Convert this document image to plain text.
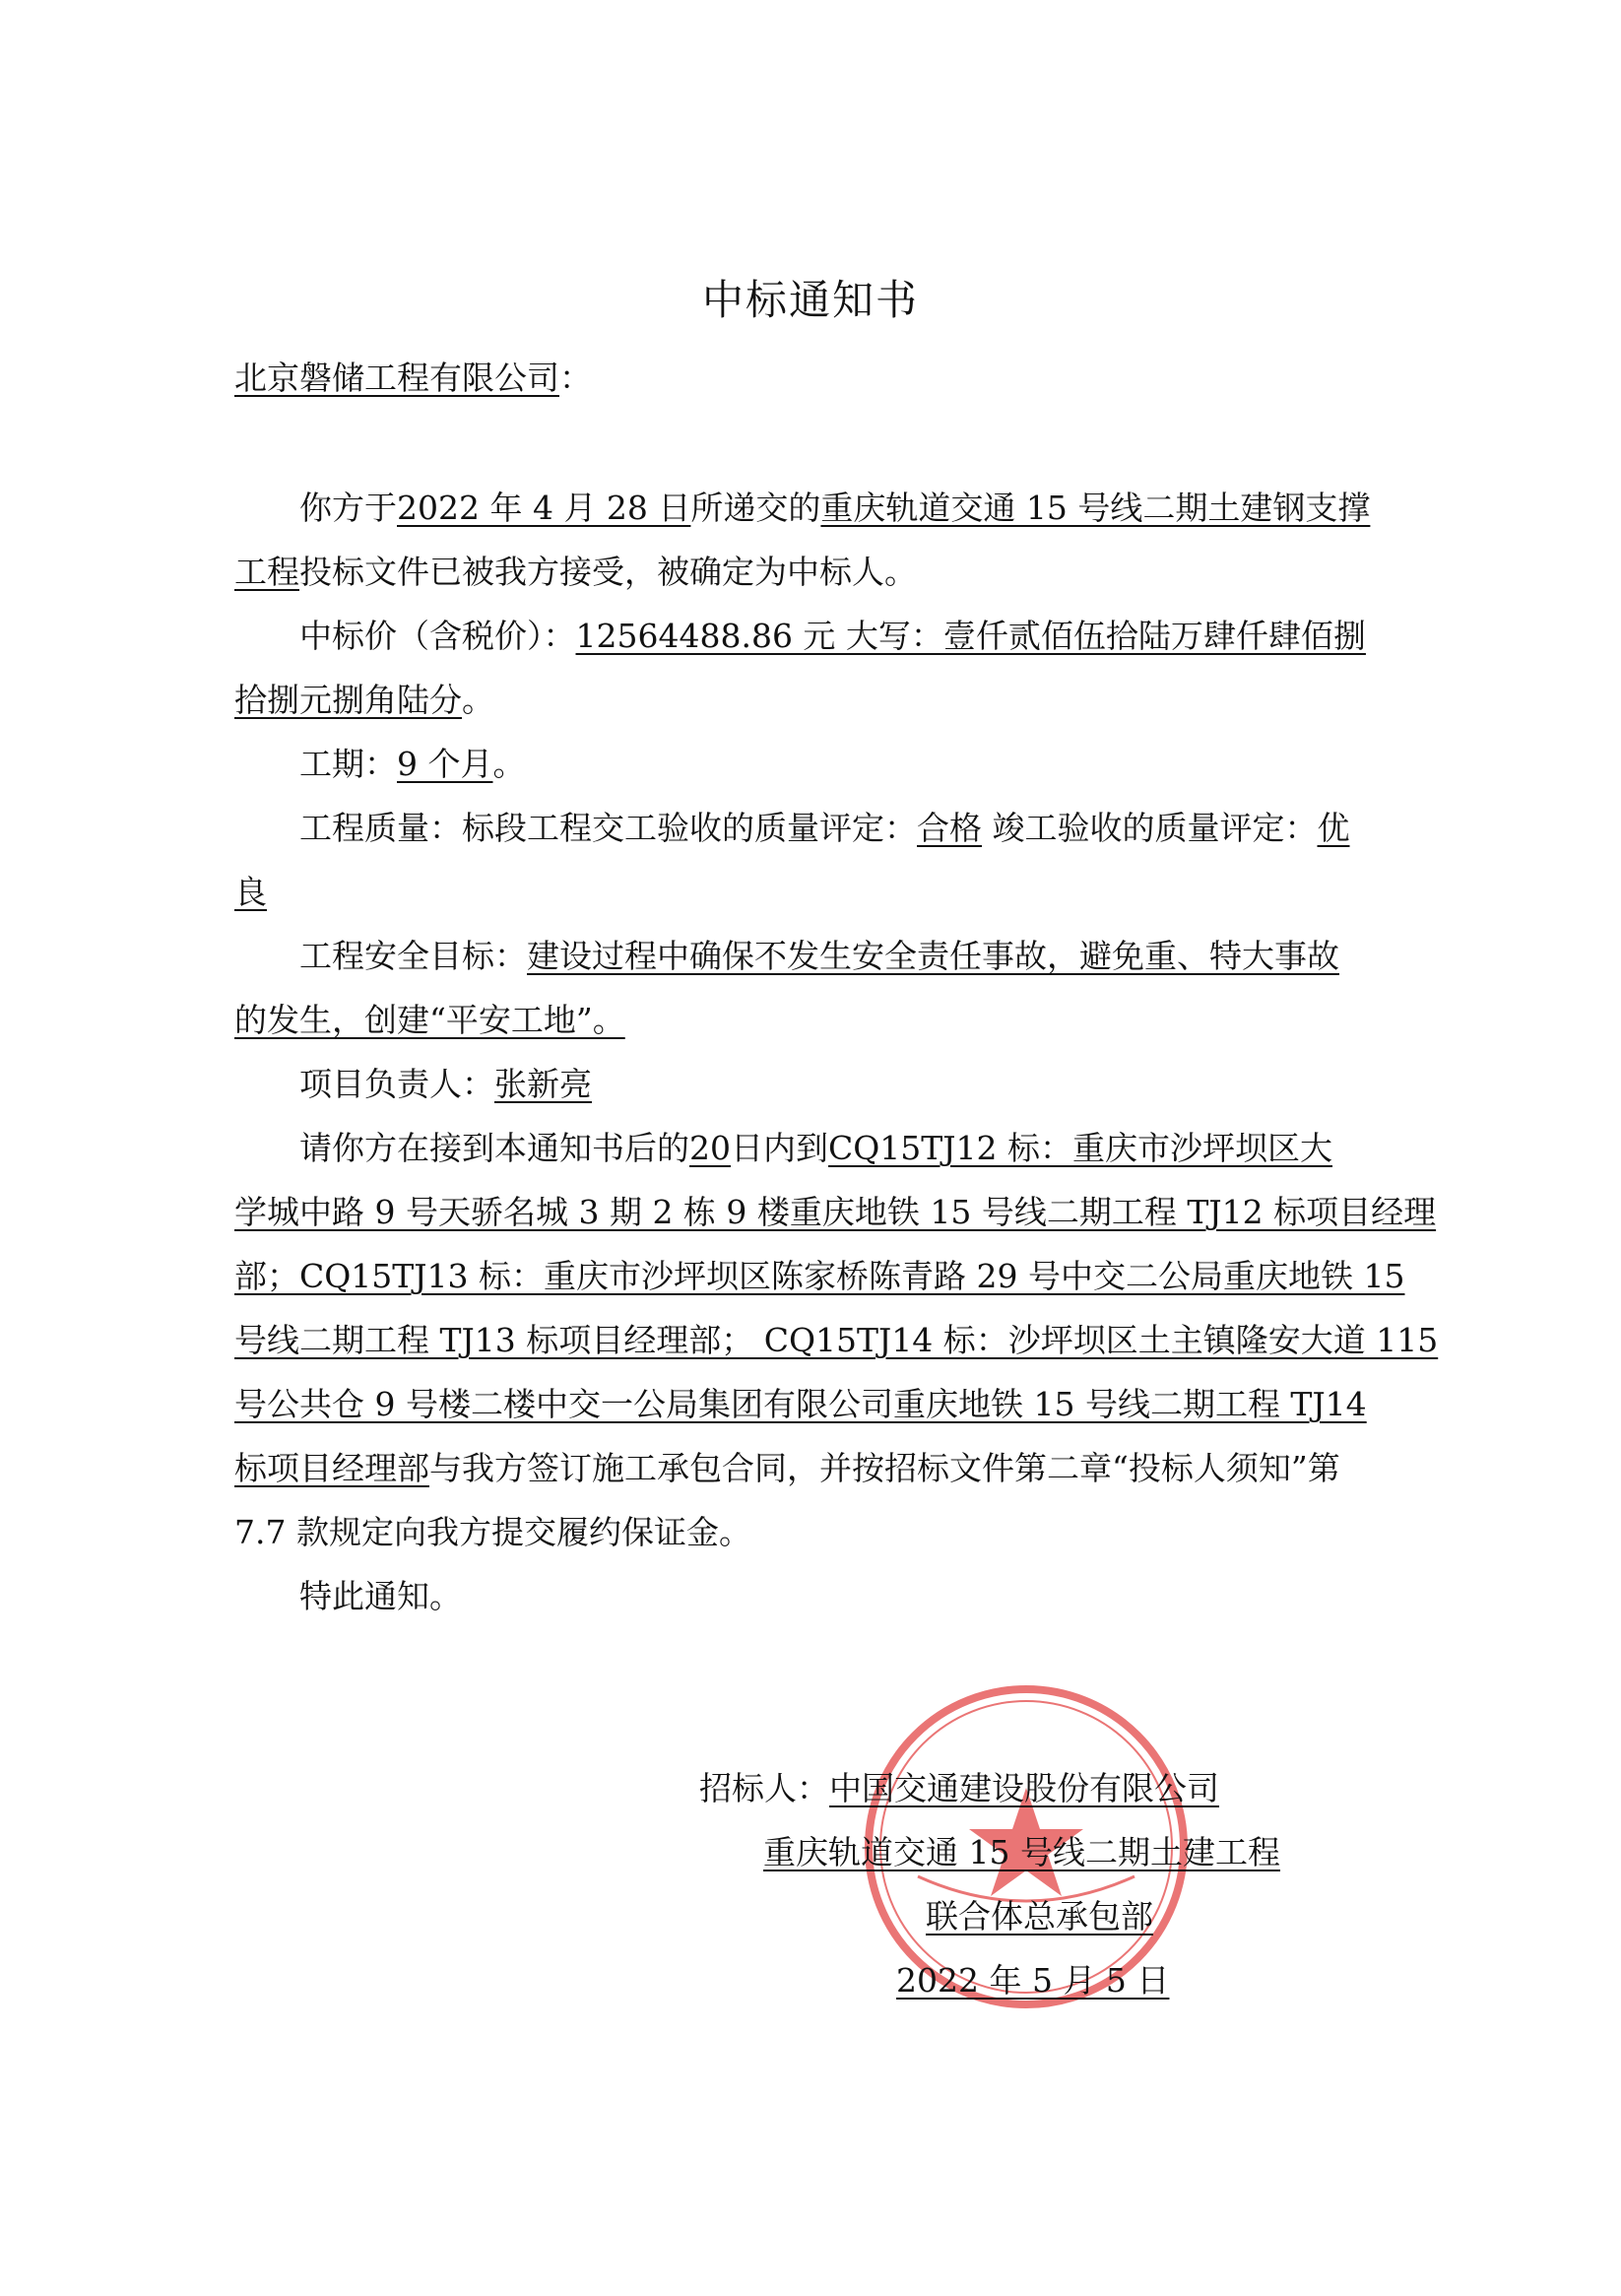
中标通知书
北京磐储工程有限公司：
你方于2022 年 4 月 28 日所递交的重庆轨道交通 15 号线二期土建钢支撑
工程投标文件已被我方接受，被确定为中标人。
中标价（含税价）：12564488.86 元 大写：壹仟贰佰伍拾陆万肆仟肆佰捌
拾捌元捌角陆分。
工期：9 个月。
工程质量：标段工程交工验收的质量评定：合格 竣工验收的质量评定：优
良
工程安全目标：建设过程中确保不发生安全责任事故，避免重、特大事故
的发生，创建“平安工地”。
项目负责人：张新亮
请你方在接到本通知书后的20日内到CQ15TJ12 标：重庆市沙坪坝区大
学城中路 9 号天骄名城 3 期 2 栋 9 楼重庆地铁 15 号线二期工程 TJ12 标项目经理
部；CQ15TJ13 标：重庆市沙坪坝区陈家桥陈青路 29 号中交二公局重庆地铁 15
号线二期工程 TJ13 标项目经理部； CQ15TJ14 标：沙坪坝区土主镇隆安大道 115
号公共仓 9 号楼二楼中交一公局集团有限公司重庆地铁 15 号线二期工程 TJ14
标项目经理部与我方签订施工承包合同，并按招标文件第二章“投标人须知”第
7.7 款规定向我方提交履约保证金。
特此通知。
招标人：中国交通建设股份有限公司
重庆轨道交通 15 号线二期土建工程
联合体总承包部
2022 年 5 月 5 日
